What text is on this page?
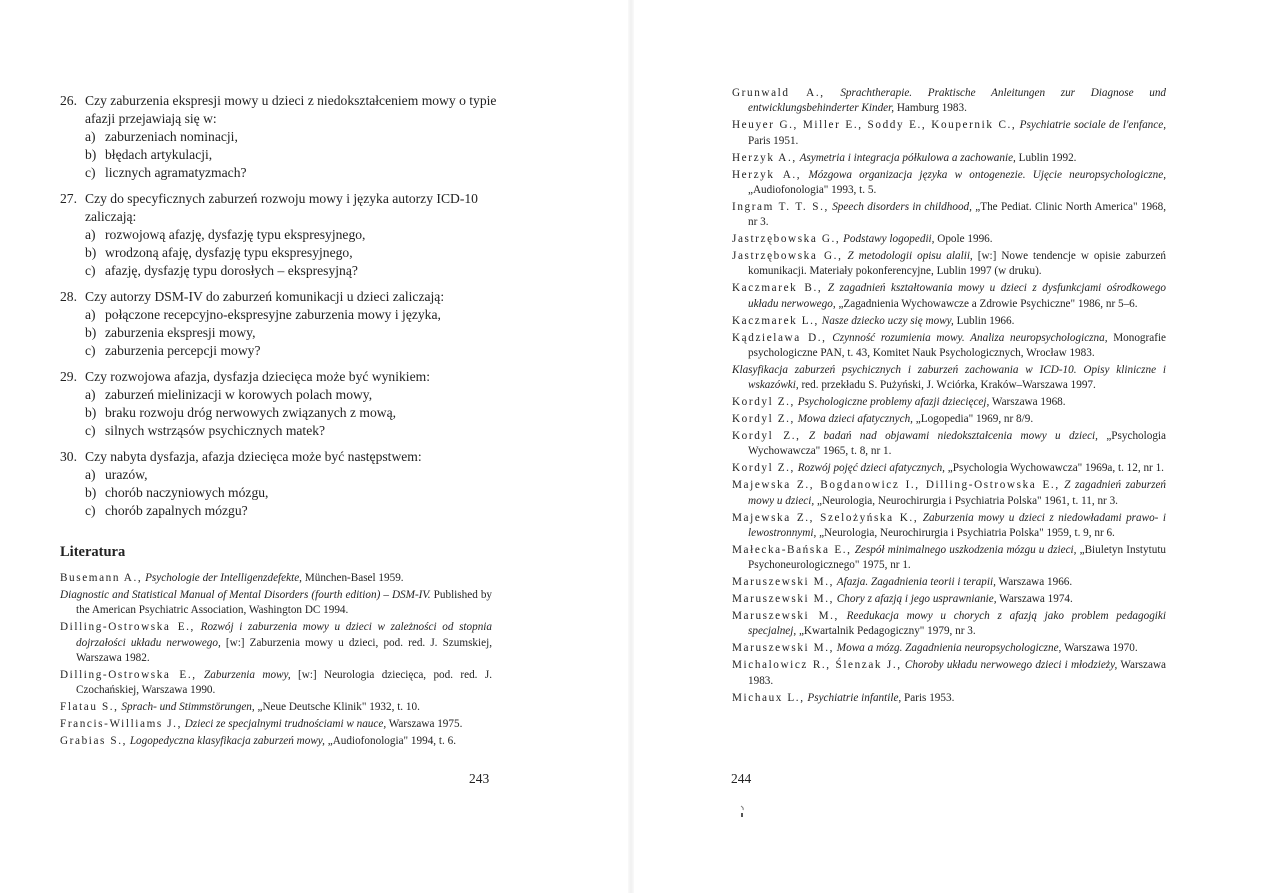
26. Czy zaburzenia ekspresji mowy u dzieci z niedokształceniem mowy o typie afazji przejawiają się w:
a) zaburzeniach nominacji,
b) błędach artykulacji,
c) licznych agramatyzmach?
27. Czy do specyficznych zaburzeń rozwoju mowy i języka autorzy ICD-10 zaliczają:
a) rozwojową afazję, dysfazję typu ekspresyjnego,
b) wrodzoną afaję, dysfazję typu ekspresyjnego,
c) afazję, dysfazję typu dorosłych – ekspresyjną?
28. Czy autorzy DSM-IV do zaburzeń komunikacji u dzieci zaliczają:
a) połączone recepcyjno-ekspresyjne zaburzenia mowy i języka,
b) zaburzenia ekspresji mowy,
c) zaburzenia percepcji mowy?
29. Czy rozwojowa afazja, dysfazja dziecięca może być wynikiem:
a) zaburzeń mielinizacji w korowych polach mowy,
b) braku rozwoju dróg nerwowych związanych z mową,
c) silnych wstrząsów psychicznych matek?
30. Czy nabyta dysfazja, afazja dziecięca może być następstwem:
a) urazów,
b) chorób naczyniowych mózgu,
c) chorób zapalnych mózgu?
Literatura
Busemann A., Psychologie der Intelligenzdefekte, München-Basel 1959.
Diagnostic and Statistical Manual of Mental Disorders (fourth edition) – DSM-IV. Published by the American Psychiatric Association, Washington DC 1994.
Dilling-Ostrowska E., Rozwój i zaburzenia mowy u dzieci w zależności od stopnia dojrzałości układu nerwowego, [w:] Zaburzenia mowy u dzieci, pod. red. J. Szumskiej, Warszawa 1982.
Dilling-Ostrowska E., Zaburzenia mowy, [w:] Neurologia dziecięca, pod. red. J. Czochańskiej, Warszawa 1990.
Flatau S., Sprach- und Stimmstörungen, „Neue Deutsche Klinik" 1932, t. 10.
Francis-Williams J., Dzieci ze specjalnymi trudnościami w nauce, Warszawa 1975.
Grabias S., Logopedyczna klasyfikacja zaburzeń mowy, „Audiofonologia" 1994, t. 6.
243
Grunwald A., Sprachtherapie. Praktische Anleitungen zur Diagnose und entwicklungsbehinderter Kinder, Hamburg 1983.
Heuyer G., Miller E., Soddy E., Koupernik C., Psychiatrie sociale de l'enfance, Paris 1951.
Herzyk A., Asymetria i integracja półkulowa a zachowanie, Lublin 1992.
Herzyk A., Mózgowa organizacja języka w ontogenezie. Ujęcie neuropsychologiczne, „Audiofonologia" 1993, t. 5.
Ingram T. T. S., Speech disorders in childhood, „The Pediat. Clinic North America" 1968, nr 3.
Jastrzębowska G., Podstawy logopedii, Opole 1996.
Jastrzębowska G., Z metodologii opisu alalii, [w:] Nowe tendencje w opisie zaburzeń komunikacji. Materiały pokonferencyjne, Lublin 1997 (w druku).
Kaczmarek B., Z zagadnień kształtowania mowy u dzieci z dysfunkcjami ośrodkowego układu nerwowego, „Zagadnienia Wychowawcze a Zdrowie Psychiczne" 1986, nr 5–6.
Kaczmarek L., Nasze dziecko uczy się mowy, Lublin 1966.
Kądzielawa D., Czynność rozumienia mowy. Analiza neuropsychologiczna, Monografie psychologiczne PAN, t. 43, Komitet Nauk Psychologicznych, Wrocław 1983.
Klasyfikacja zaburzeń psychicznych i zaburzeń zachowania w ICD-10. Opisy kliniczne i wskazówki, red. przekładu S. Pużyński, J. Wciórka, Kraków–Warszawa 1997.
Kordyl Z., Psychologiczne problemy afazji dziecięcej, Warszawa 1968.
Kordyl Z., Mowa dzieci afatycznych, „Logopedia" 1969, nr 8/9.
Kordyl Z., Z badań nad objawami niedokształcenia mowy u dzieci, „Psychologia Wychowawcza" 1965, t. 8, nr 1.
Kordyl Z., Rozwój pojęć dzieci afatycznych, „Psychologia Wychowawcza" 1969a, t. 12, nr 1.
Majewska Z., Bogdanowicz I., Dilling-Ostrowska E., Z zagadnień zaburzeń mowy u dzieci, „Neurologia, Neurochirurgia i Psychiatria Polska" 1961, t. 11, nr 3.
Majewska Z., Szelożyńska K., Zaburzenia mowy u dzieci z niedowładami prawo- i lewostronnymi, „Neurologia, Neurochirurgia i Psychiatria Polska" 1959, t. 9, nr 6.
Małecka-Bańska E., Zespół minimalnego uszkodzenia mózgu u dzieci, „Biuletyn Instytutu Psychoneurologicznego" 1975, nr 1.
Maruszewski M., Afazja. Zagadnienia teorii i terapii, Warszawa 1966.
Maruszewski M., Chory z afazją i jego usprawnianie, Warszawa 1974.
Maruszewski M., Reedukacja mowy u chorych z afazją jako problem pedagogiki specjalnej, „Kwartalnik Pedagogiczny" 1979, nr 3.
Maruszewski M., Mowa a mózg. Zagadnienia neuropsychologiczne, Warszawa 1970.
Michalowicz R., Ślenzak J., Choroby układu nerwowego dzieci i młodzieży, Warszawa 1983.
Michaux L., Psychiatrie infantile, Paris 1953.
244
